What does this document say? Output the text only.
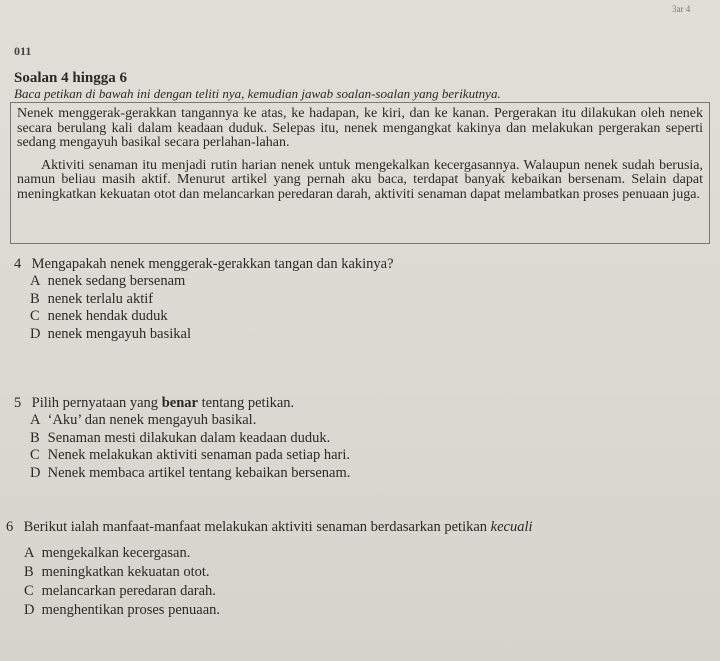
3ar 4
011
Soalan 4 hingga 6
Baca petikan di bawah ini dengan teliti nya, kemudian jawab soalan-soalan yang berikutnya.

Nenek menggerak-gerakkan tangannya ke atas, ke hadapan, ke kiri, dan ke kanan. Pergerakan itu dilakukan oleh nenek secara berulang kali dalam keadaan duduk. Selepas itu, nenek mengangkat kakinya dan melakukan pergerakan seperti sedang mengayuh basikal secara perlahan-lahan.

Aktiviti senaman itu menjadi rutin harian nenek untuk mengekalkan kecergasannya. Walaupun nenek sudah berusia, namun beliau masih aktif. Menurut artikel yang pernah aku baca, terdapat banyak kebaikan bersenam. Selain dapat meningkatkan kekuatan otot dan melancarkan peredaran darah, aktiviti senaman dapat melambatkan proses penuaan juga.

4 Mengapakah nenek menggerak-gerakkan tangan dan kakinya?
A nenek sedang bersenam
B nenek terlalu aktif
C nenek hendak duduk
D nenek mengayuh basikal
5 Pilih pernyataan yang benar tentang petikan.
A ‘Aku’ dan nenek mengayuh basikal.
B Senaman mesti dilakukan dalam keadaan duduk.
C Nenek melakukan aktiviti senaman pada setiap hari.
D Nenek membaca artikel tentang kebaikan bersenam.
6 Berikut ialah manfaat-manfaat melakukan aktiviti senaman berdasarkan petikan kecuali
A mengekalkan kecergasan.
B meningkatkan kekuatan otot.
C melancarkan peredaran darah.
D menghentikan proses penuaan.
